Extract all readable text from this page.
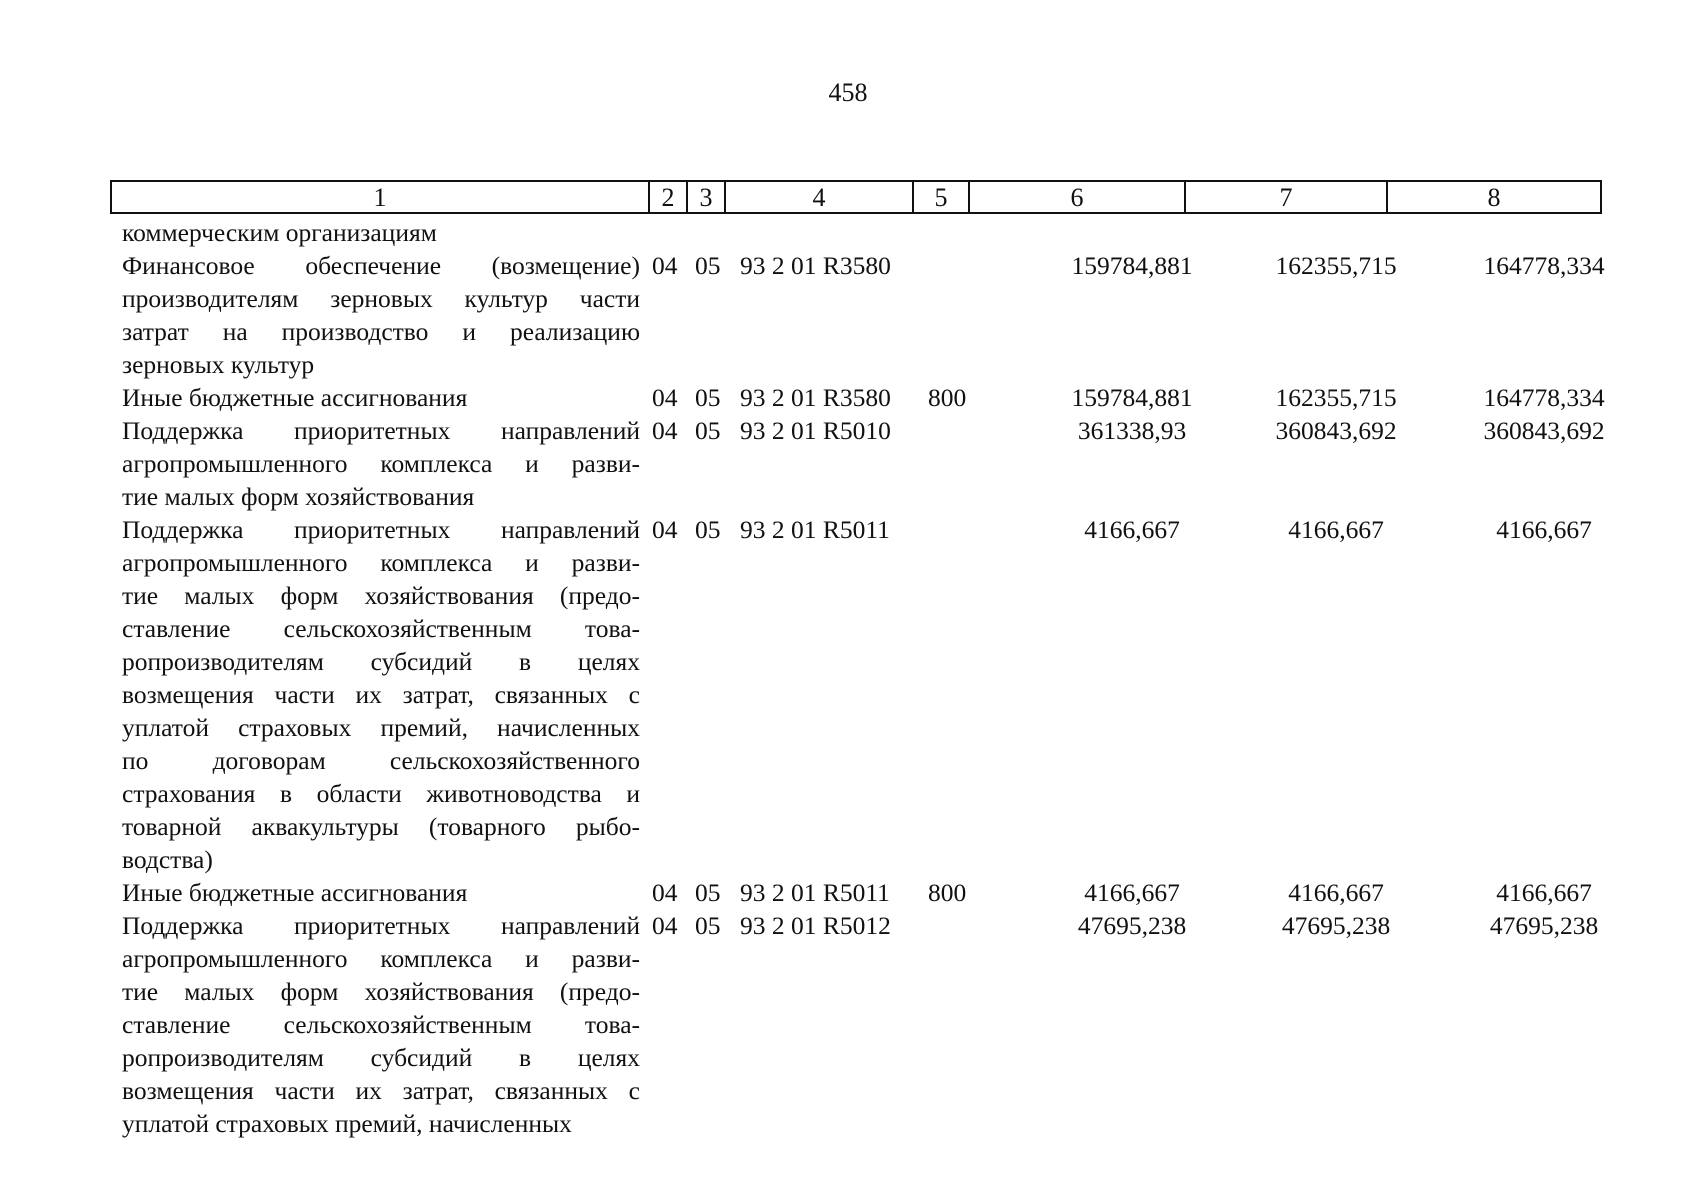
458
1	2 3	4	5	6	7	8
коммерческим организациям
Финансовое обеспечение (возмещение)
производителям зерновых культур части
затрат на производство и реализацию
зерновых культур
04 05 93 2 01 R3580	159784,881	162355,715	164778,334
Иные бюджетные ассигнования	04 05 93 2 01 R3580 800	159784,881	162355,715	164778,334
Поддержка приоритетных направлений
агропромышленного комплекса и разви-
тие малых форм хозяйствования
04 05 93 2 01 R5010	361338,93	360843,692	360843,692
Поддержка приоритетных направлений
агропромышленного комплекса и разви-
тие малых форм хозяйствования (предо-
ставление сельскохозяйственным това-
ропроизводителям субсидий в целях
возмещения части их затрат, связанных с
уплатой страховых премий, начисленных
по договорам сельскохозяйственного
страхования в области животноводства и
товарной аквакультуры (товарного рыбо-
водства)
04 05 93 2 01 R5011	4166,667	4166,667	4166,667
Иные бюджетные ассигнования	04 05 93 2 01 R5011 800	4166,667	4166,667	4166,667
Поддержка приоритетных направлений
агропромышленного комплекса и разви-
тие малых форм хозяйствования (предо-
ставление сельскохозяйственным това-
ропроизводителям субсидий в целях
возмещения части их затрат, связанных с
уплатой страховых премий, начисленных
04 05 93 2 01 R5012	47695,238	47695,238	47695,238
